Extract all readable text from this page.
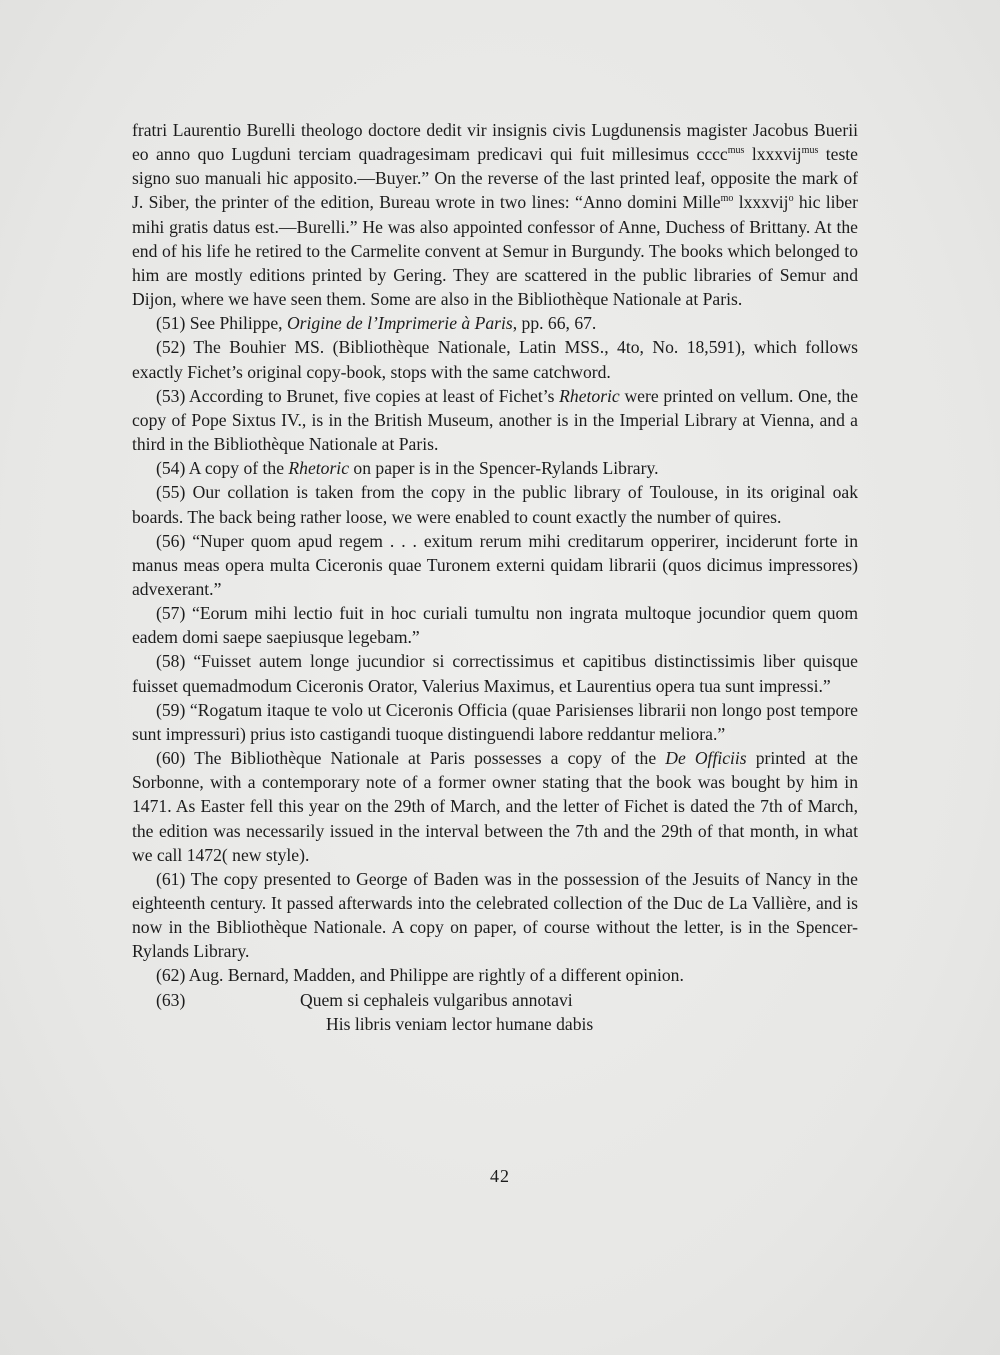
fratri Laurentio Burelli theologo doctore dedit vir insignis civis Lugdunensis magister Jacobus Buerii eo anno quo Lugduni terciam quadragesimam predicavi qui fuit millesimus cccc$^{mus}$ lxxxvij$^{mus}$ teste signo suo manuali hic apposito.—Buyer.” On the reverse of the last printed leaf, opposite the mark of J. Siber, the printer of the edition, Bureau wrote in two lines: “Anno domini Mille$^{mo}$ lxxxvij$^o$ hic liber mihi gratis datus est.—Burelli.” He was also appointed confessor of Anne, Duchess of Brittany. At the end of his life he retired to the Carmelite convent at Semur in Burgundy. The books which belonged to him are mostly editions printed by Gering. They are scattered in the public libraries of Semur and Dijon, where we have seen them. Some are also in the Bibliothèque Nationale at Paris.

(51) See Philippe, Origine de l’Imprimerie à Paris, pp. 66, 67.

(52) The Bouhier MS. (Bibliothèque Nationale, Latin MSS., 4to, No. 18,591), which follows exactly Fichet’s original copy-book, stops with the same catchword.

(53) According to Brunet, five copies at least of Fichet’s Rhetoric were printed on vellum. One, the copy of Pope Sixtus IV., is in the British Museum, another is in the Imperial Library at Vienna, and a third in the Bibliothèque Nationale at Paris.

(54) A copy of the Rhetoric on paper is in the Spencer-Rylands Library.

(55) Our collation is taken from the copy in the public library of Toulouse, in its original oak boards. The back being rather loose, we were enabled to count exactly the number of quires.

(56) “Nuper quom apud regem . . . exitum rerum mihi creditarum opperirer, inciderunt forte in manus meas opera multa Ciceronis quae Turonem externi quidam librarii (quos dicimus impressores) advexerant.”

(57) “Eorum mihi lectio fuit in hoc curiali tumultu non ingrata multoque jocundior quem quom eadem domi saepe saepiusque legebam.”

(58) “Fuisset autem longe jucundior si correctissimus et capitibus distinctissimis liber quisque fuisset quemadmodum Ciceronis Orator, Valerius Maximus, et Laurentius opera tua sunt impressi.”

(59) “Rogatum itaque te volo ut Ciceronis Officia (quae Parisienses librarii non longo post tempore sunt impressuri) prius isto castigandi tuoque distinguendi labore reddantur meliora.”

(60) The Bibliothèque Nationale at Paris possesses a copy of the De Officiis printed at the Sorbonne, with a contemporary note of a former owner stating that the book was bought by him in 1471. As Easter fell this year on the 29th of March, and the letter of Fichet is dated the 7th of March, the edition was necessarily issued in the interval between the 7th and the 29th of that month, in what we call 1472( new style).

(61) The copy presented to George of Baden was in the possession of the Jesuits of Nancy in the eighteenth century. It passed afterwards into the celebrated collection of the Duc de La Vallière, and is now in the Bibliothèque Nationale. A copy on paper, of course without the letter, is in the Spencer-Rylands Library.

(62) Aug. Bernard, Madden, and Philippe are rightly of a different opinion.

(63)	Quem si cephaleis vulgaribus annotavi
His libris veniam lector humane dabis
42
